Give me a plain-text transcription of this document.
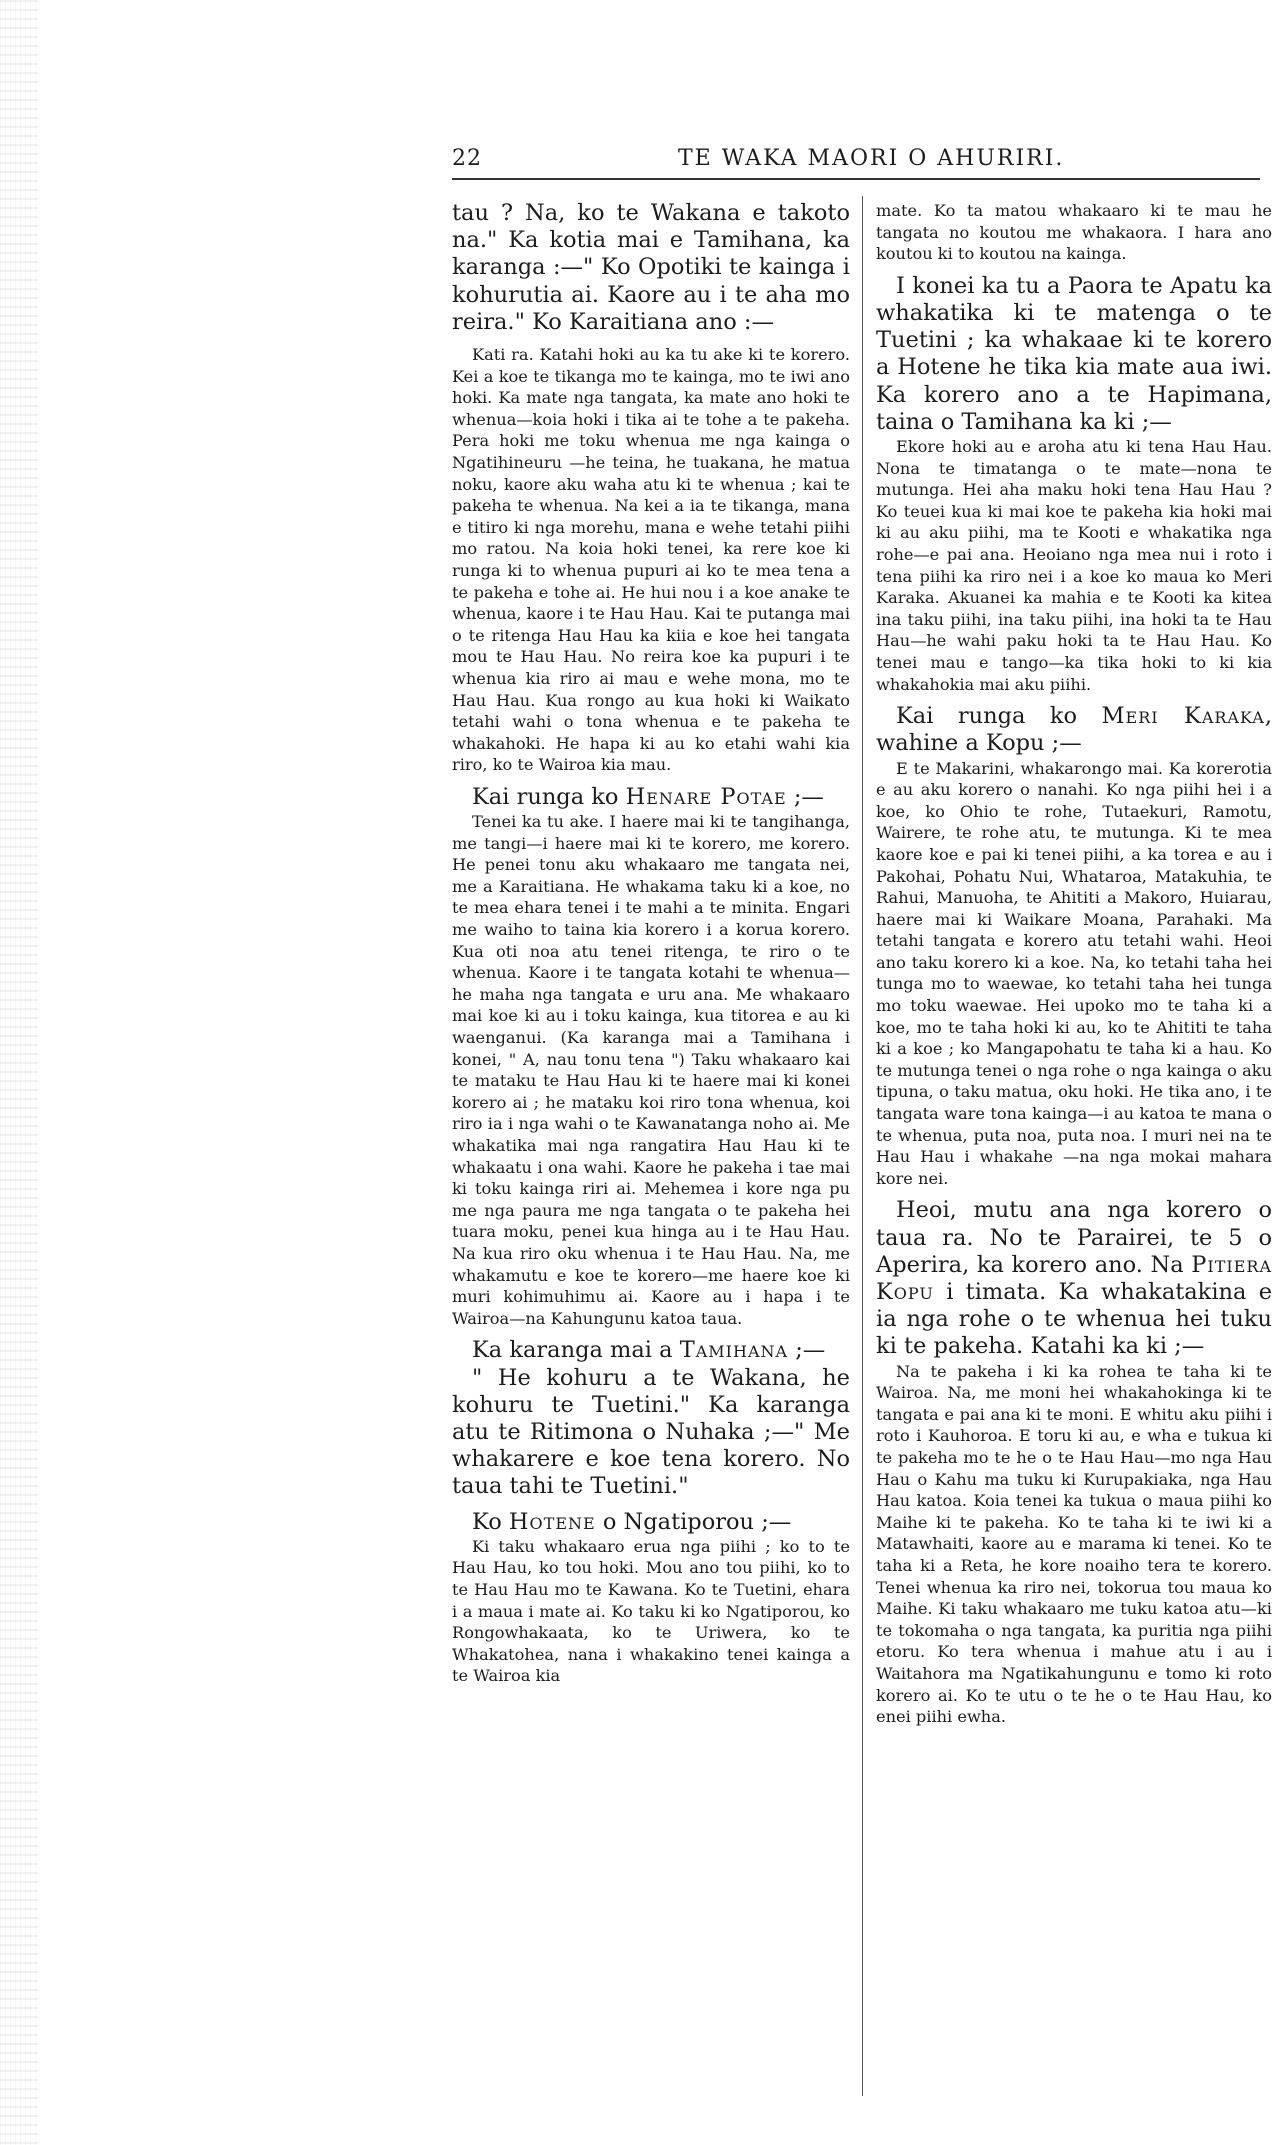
22	TE WAKA MAORI O AHURIRI.

tau ? Na, ko te Wakana e takoto na." Ka kotia mai e Tamihana, ka karanga :—" Ko Opotiki te kainga i kohurutia ai. Kaore au i te aha mo reira." Ko Karaitiana ano :—

Kati ra. Katahi hoki au ka tu ake ki te korero. Kei a koe te tikanga mo te kainga, mo te iwi ano hoki. Ka mate nga tangata, ka mate ano hoki te whenua—koia hoki i tika ai te tohe a te pakeha. Pera hoki me toku whenua me nga kainga o Ngatihineuru —he teina, he tuakana, he matua noku, kaore aku waha atu ki te whenua ; kai te pakeha te whenua. Na kei a ia te tikanga, mana e titiro ki nga morehu, mana e wehe tetahi piihi mo ratou. Na koia hoki tenei, ka rere koe ki runga ki to whenua pupuri ai ko te mea tena a te pakeha e tohe ai. He hui nou i a koe anake te whenua, kaore i te Hau Hau. Kai te putanga mai o te ritenga Hau Hau ka kiia e koe hei tangata mou te Hau Hau. No reira koe ka pupuri i te whenua kia riro ai mau e wehe mona, mo te Hau Hau. Kua rongo au kua hoki ki Waikato tetahi wahi o tona whenua e te pakeha te whakahoki. He hapa ki au ko etahi wahi kia riro, ko te Wairoa kia mau.

Kai runga ko Henare Potae ;—

Tenei ka tu ake. I haere mai ki te tangihanga, me tangi—i haere mai ki te korero, me korero. He penei tonu aku whakaaro me tangata nei, me a Karaitiana. He whakama taku ki a koe, no te mea ehara tenei i te mahi a te minita. Engari me waiho to taina kia korero i a korua korero. Kua oti noa atu tenei ritenga, te riro o te whenua. Kaore i te tangata kotahi te whenua—he maha nga tangata e uru ana. Me whakaaro mai koe ki au i toku kainga, kua titorea e au ki waenganui. (Ka karanga mai a Tamihana i konei, " A, nau tonu tena ") Taku whakaaro kai te mataku te Hau Hau ki te haere mai ki konei korero ai ; he mataku koi riro tona whenua, koi riro ia i nga wahi o te Kawanatanga noho ai. Me whakatika mai nga rangatira Hau Hau ki te whakaatu i ona wahi. Kaore he pakeha i tae mai ki toku kainga riri ai. Mehemea i kore nga pu me nga paura me nga tangata o te pakeha hei tuara moku, penei kua hinga au i te Hau Hau. Na kua riro oku whenua i te Hau Hau. Na, me whakamutu e koe te korero—me haere koe ki muri kohimuhimu ai. Kaore au i hapa i te Wairoa—na Kahungunu katoa taua.

Ka karanga mai a Tamihana ;—

" He kohuru a te Wakana, he kohuru te Tuetini." Ka karanga atu te Ritimona o Nuhaka ;—" Me whakarere e koe tena korero. No taua tahi te Tuetini."

Ko Hotene o Ngatiporou ;—

Ki taku whakaaro erua nga piihi ; ko to te Hau Hau, ko tou hoki. Mou ano tou piihi, ko to te Hau Hau mo te Kawana. Ko te Tuetini, ehara i a maua i mate ai. Ko taku ki ko Ngatiporou, ko Rongowhakaata, ko te Uriwera, ko te Whakatohea, nana i whakakino tenei kainga a te Wairoa kia

mate. Ko ta matou whakaaro ki te mau he tangata no koutou me whakaora. I hara ano koutou ki to koutou na kainga.

I konei ka tu a Paora te Apatu ka whakatika ki te matenga o te Tuetini ; ka whakaae ki te korero a Hotene he tika kia mate aua iwi. Ka korero ano a te Hapimana, taina o Tamihana ka ki ;—

Ekore hoki au e aroha atu ki tena Hau Hau. Nona te timatanga o te mate—nona te mutunga. Hei aha maku hoki tena Hau Hau ? Ko teuei kua ki mai koe te pakeha kia hoki mai ki au aku piihi, ma te Kooti e whakatika nga rohe—e pai ana. Heoiano nga mea nui i roto i tena piihi ka riro nei i a koe ko maua ko Meri Karaka. Akuanei ka mahia e te Kooti ka kitea ina taku piihi, ina taku piihi, ina hoki ta te Hau Hau—he wahi paku hoki ta te Hau Hau. Ko tenei mau e tango—ka tika hoki to ki kia whakahokia mai aku piihi.

Kai runga ko Meri Karaka, wahine a Kopu ;—

E te Makarini, whakarongo mai. Ka korerotia e au aku korero o nanahi. Ko nga piihi hei i a koe, ko Ohio te rohe, Tutaekuri, Ramotu, Wairere, te rohe atu, te mutunga. Ki te mea kaore koe e pai ki tenei piihi, a ka torea e au i Pakohai, Pohatu Nui, Whataroa, Matakuhia, te Rahui, Manuoha, te Ahititi a Makoro, Huiarau, haere mai ki Waikare Moana, Parahaki. Ma tetahi tangata e korero atu tetahi wahi. Heoi ano taku korero ki a koe. Na, ko tetahi taha hei tunga mo to waewae, ko tetahi taha hei tunga mo toku waewae. Hei upoko mo te taha ki a koe, mo te taha hoki ki au, ko te Ahititi te taha ki a koe ; ko Mangapohatu te taha ki a hau. Ko te mutunga tenei o nga rohe o nga kainga o aku tipuna, o taku matua, oku hoki. He tika ano, i te tangata ware tona kainga—i au katoa te mana o te whenua, puta noa, puta noa. I muri nei na te Hau Hau i whakahe —na nga mokai mahara kore nei.

Heoi, mutu ana nga korero o taua ra. No te Parairei, te 5 o Aperira, ka korero ano. Na Pitiera Kopu i timata. Ka whakatakina e ia nga rohe o te whenua hei tuku ki te pakeha. Katahi ka ki ;—

Na te pakeha i ki ka rohea te taha ki te Wairoa. Na, me moni hei whakahokinga ki te tangata e pai ana ki te moni. E whitu aku piihi i roto i Kauhoroa. E toru ki au, e wha e tukua ki te pakeha mo te he o te Hau Hau—mo nga Hau Hau o Kahu ma tuku ki Kurupakiaka, nga Hau Hau katoa. Koia tenei ka tukua o maua piihi ko Maihe ki te pakeha. Ko te taha ki te iwi ki a Matawhaiti, kaore au e marama ki tenei. Ko te taha ki a Reta, he kore noaiho tera te korero. Tenei whenua ka riro nei, tokorua tou maua ko Maihe. Ki taku whakaaro me tuku katoa atu—ki te tokomaha o nga tangata, ka puritia nga piihi etoru. Ko tera whenua i mahue atu i au i Waitahora ma Ngatikahungunu e tomo ki roto korero ai. Ko te utu o te he o te Hau Hau, ko enei piihi ewha.
